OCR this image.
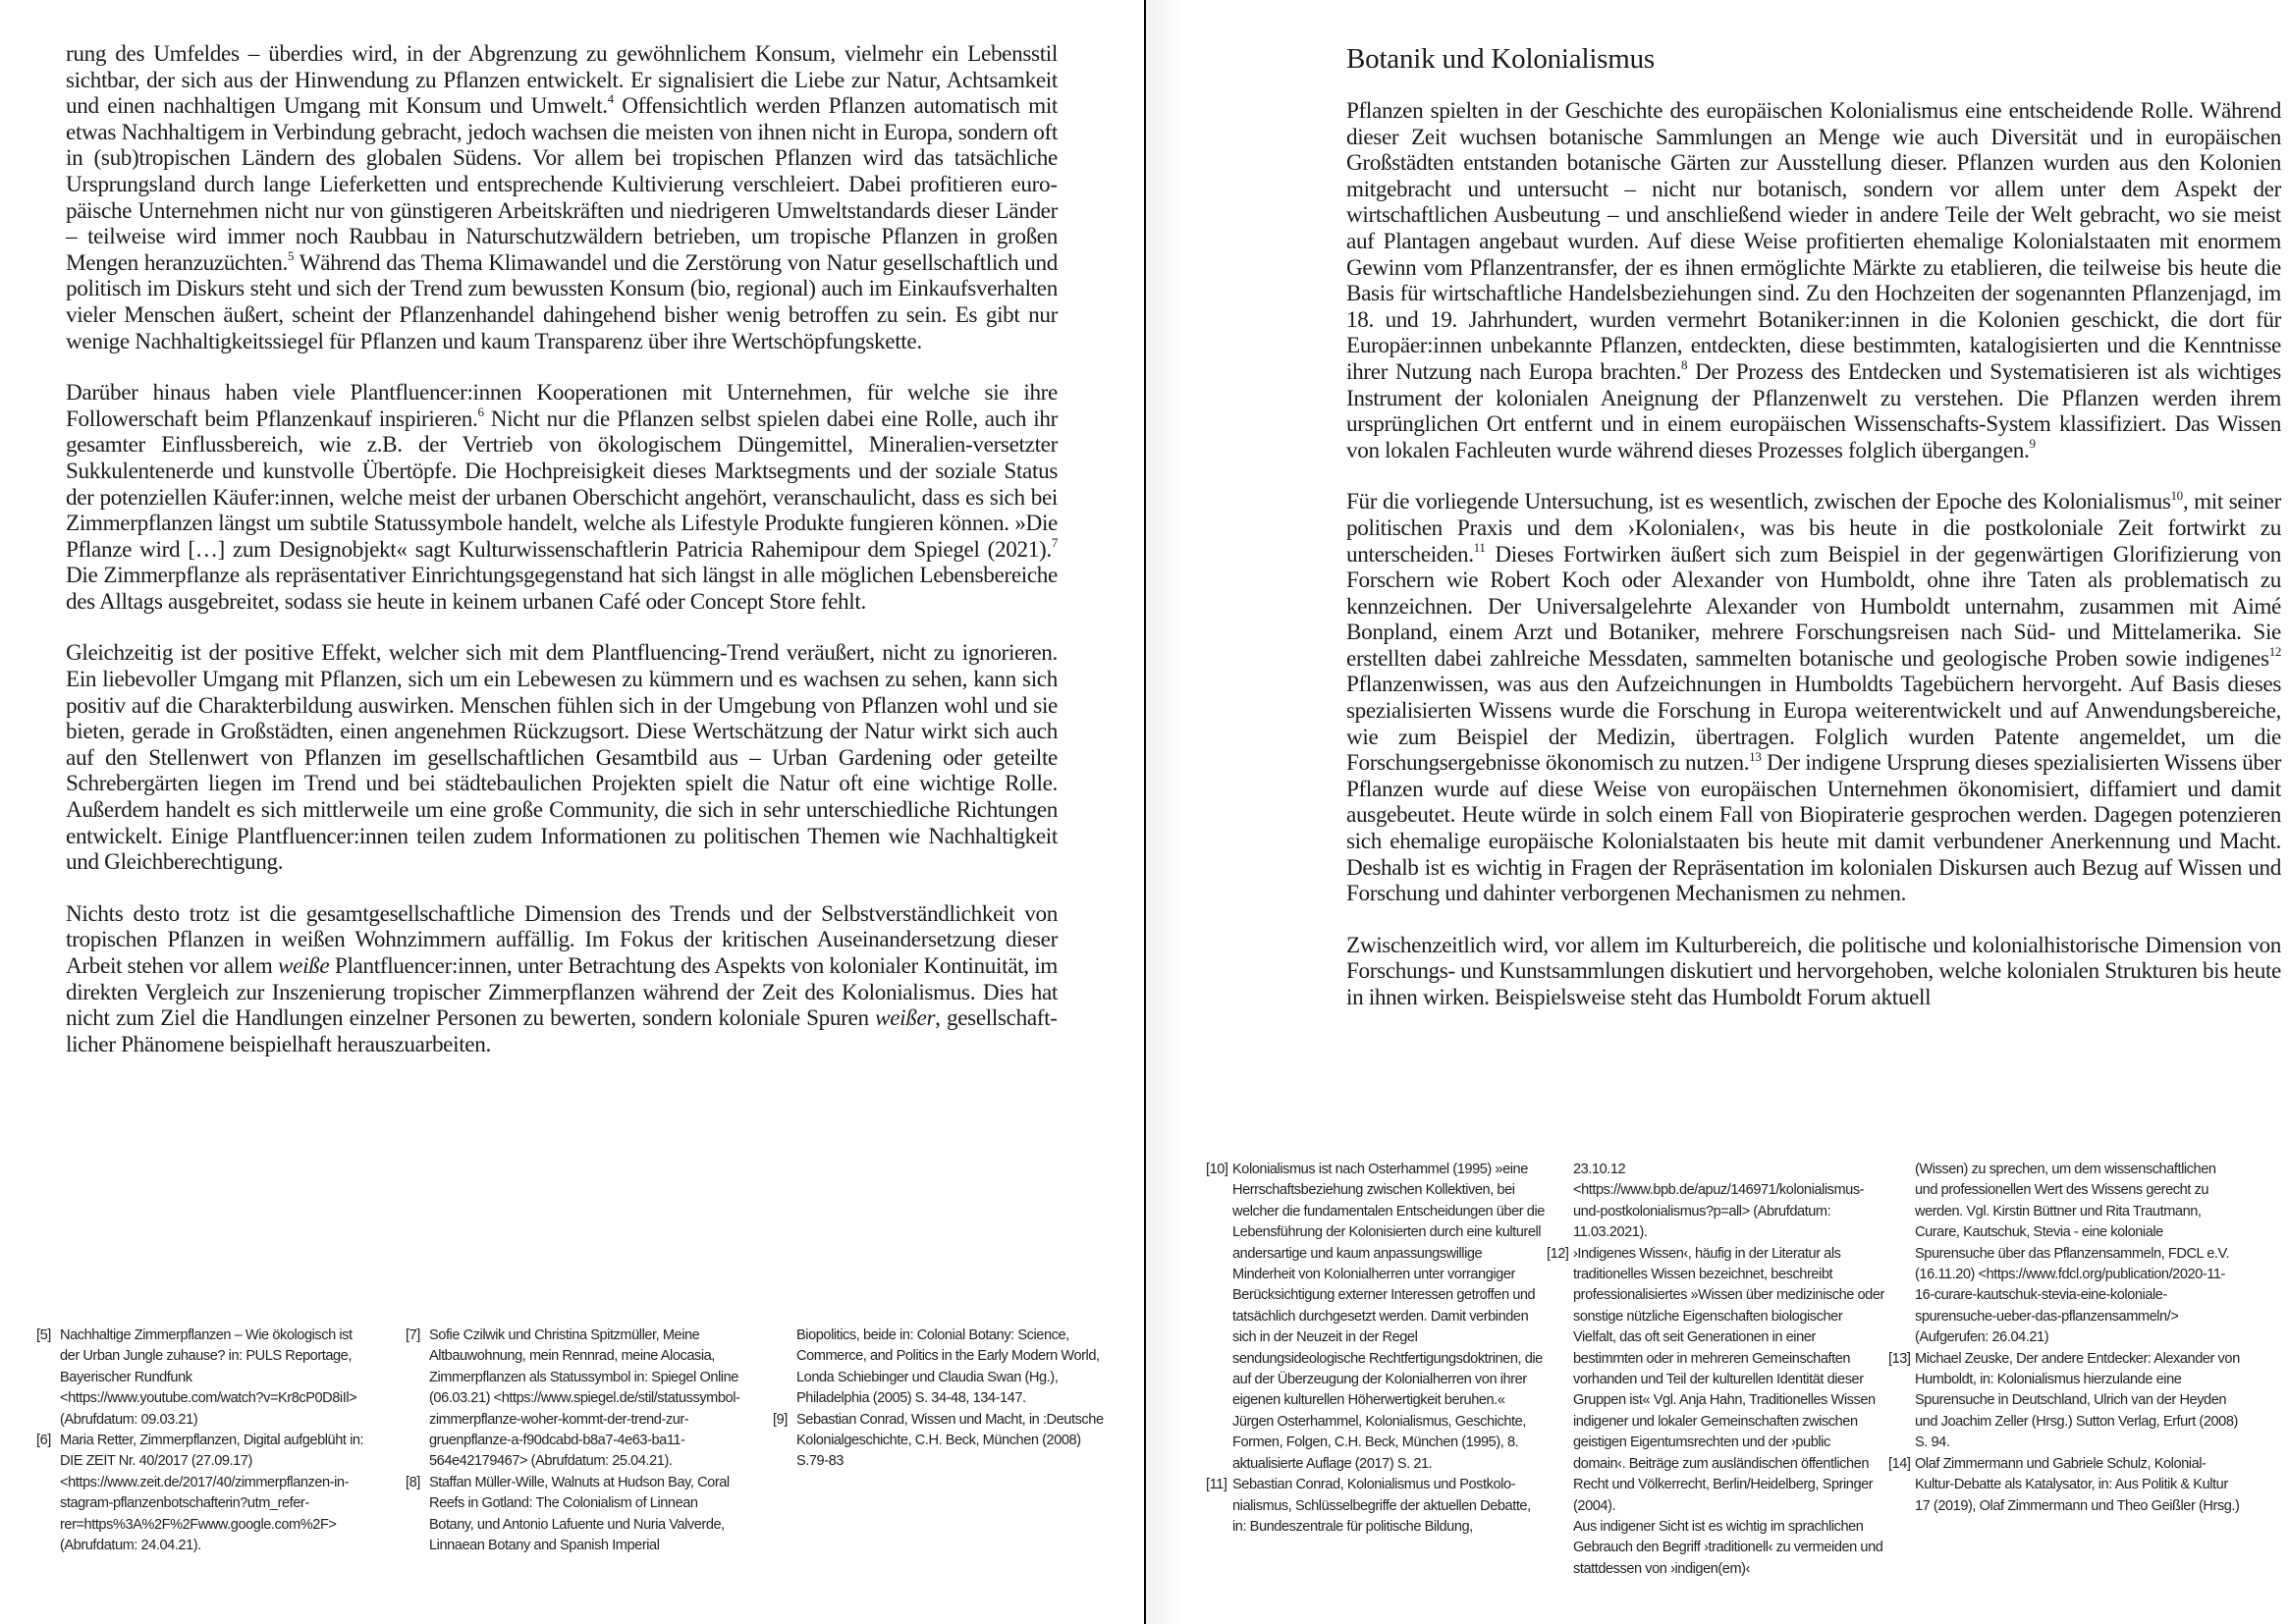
rung des Umfeldes – überdies wird, in der Abgrenzung zu gewöhnlichem Konsum, vielmehr ein Lebensstil sichtbar, der sich aus der Hinwendung zu Pflanzen entwickelt. Er signalisiert die Liebe zur Natur, Achtsamkeit und einen nachhaltigen Umgang mit Konsum und Umwelt.$^4$ Offensichtlich werden Pflanzen automatisch mit etwas Nachhaltigem in Verbindung gebracht, jedoch wachsen die meisten von ihnen nicht in Europa, sondern oft in (sub)tropischen Ländern des globalen Südens. Vor allem bei tropischen Pflanzen wird das tatsächliche Ursprungsland durch lange Lieferketten und entsprechende Kultivierung verschleiert. Dabei profitieren europäische Unternehmen nicht nur von günstigeren Arbeitskräften und niedrigeren Umweltstandards dieser Länder – teilweise wird immer noch Raubbau in Naturschutzwäldern betrieben, um tropische Pflanzen in großen Mengen heranzuzüchten.$^5$ Während das Thema Klimawandel und die Zerstörung von Natur gesellschaftlich und politisch im Diskurs steht und sich der Trend zum bewussten Konsum (bio, regional) auch im Einkaufsverhalten vieler Menschen äußert, scheint der Pflanzenhandel dahingehend bisher wenig betroffen zu sein. Es gibt nur wenige Nachhaltigkeitssiegel für Pflanzen und kaum Transparenz über ihre Wertschöpfungskette.

Darüber hinaus haben viele Plantfluencer:innen Kooperationen mit Unternehmen, für welche sie ihre Followerschaft beim Pflanzenkauf inspirieren.$^6$ Nicht nur die Pflanzen selbst spielen dabei eine Rolle, auch ihr gesamter Einflussbereich, wie z.B. der Vertrieb von ökologischem Düngemittel, Mineralien-versetzter Sukkulentenerde und kunstvolle Übertöpfe. Die Hochpreisigkeit dieses Marktsegments und der soziale Status der potenziellen Käufer:innen, welche meist der urbanen Oberschicht angehört, veranschaulicht, dass es sich bei Zimmerpflanzen längst um subtile Statussymbole handelt, welche als Lifestyle Produkte fungieren können. »Die Pflanze wird […] zum Designobjekt« sagt Kulturwissenschaftlerin Patricia Rahemipour dem Spiegel (2021).$^7$ Die Zimmerpflanze als repräsentativer Einrichtungsgegenstand hat sich längst in alle möglichen Lebensbereiche des Alltags ausgebreitet, sodass sie heute in keinem urbanen Café oder Concept Store fehlt.

Gleichzeitig ist der positive Effekt, welcher sich mit dem Plantfluencing-Trend veräußert, nicht zu ignorieren. Ein liebevoller Umgang mit Pflanzen, sich um ein Lebewesen zu kümmern und es wachsen zu sehen, kann sich positiv auf die Charakterbildung auswirken. Menschen fühlen sich in der Umgebung von Pflanzen wohl und sie bieten, gerade in Großstädten, einen angenehmen Rückzugsort. Diese Wertschätzung der Natur wirkt sich auch auf den Stellenwert von Pflanzen im gesellschaftlichen Gesamtbild aus – Urban Gardening oder geteilte Schrebergärten liegen im Trend und bei städtebaulichen Projekten spielt die Natur oft eine wichtige Rolle. Außerdem handelt es sich mittlerweile um eine große Community, die sich in sehr unterschiedliche Richtungen entwickelt. Einige Plantfluencer:innen teilen zudem Informationen zu politischen Themen wie Nachhaltigkeit und Gleichberechtigung.

Nichts desto trotz ist die gesamtgesellschaftliche Dimension des Trends und der Selbstverständlichkeit von tropischen Pflanzen in weißen Wohnzimmern auffällig. Im Fokus der kritischen Auseinandersetzung dieser Arbeit stehen vor allem weiße Plantfluencer:innen, unter Betrachtung des Aspekts von kolonialer Kontinuität, im direkten Vergleich zur Inszenierung tropischer Zimmerpflanzen während der Zeit des Kolonialismus. Dies hat nicht zum Ziel die Handlungen einzelner Personen zu bewerten, sondern koloniale Spuren weißer, gesellschaftlicher Phänomene beispielhaft herauszuarbeiten.

[5] Nachhaltige Zimmerpflanzen – Wie ökologisch ist der Urban Jungle zuhause? in: PULS Reportage, Bayerischer Rundfunk <https://www.youtube.com/watch?v=Kr8cP0D8iIl> (Abrufdatum: 09.03.21)
[6] Maria Retter, Zimmerpflanzen, Digital aufgeblüht in: DIE ZEIT Nr. 40/2017 (27.09.17) <https://www.zeit.de/2017/40/zimmerpflanzen-instagram-pflanzenbotschafterin?utm_referrer=https%3A%2F%2Fwww.google.com%2F> (Abrufdatum: 24.04.21).
[7] Sofie Czilwik und Christina Spitzmüller, Meine Altbauwohnung, mein Rennrad, meine Alocasia, Zimmerpflanzen als Statussymbol in: Spiegel Online (06.03.21) <https://www.spiegel.de/stil/statussymbol-zimmerpflanze-woher-kommt-der-trend-zur-gruenpflanze-a-f90dcabd-b8a7-4e63-ba11-564e42179467> (Abrufdatum: 25.04.21).
[8] Staffan Müller-Wille, Walnuts at Hudson Bay, Coral Reefs in Gotland: The Colonialism of Linnean Botany, und Antonio Lafuente und Nuria Valverde, Linnaean Botany and Spanish Imperial
Biopolitics, beide in: Colonial Botany: Science, Commerce, and Politics in the Early Modern World, Londa Schiebinger und Claudia Swan (Hg.), Philadelphia (2005) S. 34-48, 134-147.
[9] Sebastian Conrad, Wissen und Macht, in :Deutsche Kolonialgeschichte, C.H. Beck, München (2008) S.79-83
Botanik und Kolonialismus

Pflanzen spielten in der Geschichte des europäischen Kolonialismus eine entscheidende Rolle. Während dieser Zeit wuchsen botanische Sammlungen an Menge wie auch Diversität und in europäischen Großstädten entstanden botanische Gärten zur Ausstellung dieser. Pflanzen wurden aus den Kolonien mitgebracht und untersucht – nicht nur botanisch, sondern vor allem unter dem Aspekt der wirtschaftlichen Ausbeutung – und anschließend wieder in andere Teile der Welt gebracht, wo sie meist auf Plantagen angebaut wurden. Auf diese Weise profitierten ehemalige Kolonialstaaten mit enormem Gewinn vom Pflanzentransfer, der es ihnen ermöglichte Märkte zu etablieren, die teilweise bis heute die Basis für wirtschaftliche Handelsbeziehungen sind. Zu den Hochzeiten der sogenannten Pflanzenjagd, im 18. und 19. Jahrhundert, wurden vermehrt Botaniker:innen in die Kolonien geschickt, die dort für Europäer:innen unbekannte Pflanzen, entdeckten, diese bestimmten, katalogisierten und die Kenntnisse ihrer Nutzung nach Europa brachten.$^8$ Der Prozess des Entdecken und Systematisieren ist als wichtiges Instrument der kolonialen Aneignung der Pflanzenwelt zu verstehen. Die Pflanzen werden ihrem ursprünglichen Ort entfernt und in einem europäischen Wissenschafts-System klassifiziert. Das Wissen von lokalen Fachleuten wurde während dieses Prozesses folglich übergangen.$^9$

Für die vorliegende Untersuchung, ist es wesentlich, zwischen der Epoche des Kolonialismus$^{10}$, mit seiner politischen Praxis und dem ›Kolonialen‹, was bis heute in die postkoloniale Zeit fortwirkt zu unterscheiden.$^{11}$ Dieses Fortwirken äußert sich zum Beispiel in der gegenwärtigen Glorifizierung von Forschern wie Robert Koch oder Alexander von Humboldt, ohne ihre Taten als problematisch zu kennzeichnen. Der Universalgelehrte Alexander von Humboldt unternahm, zusammen mit Aimé Bonpland, einem Arzt und Botaniker, mehrere Forschungsreisen nach Süd- und Mittelamerika. Sie erstellten dabei zahlreiche Messdaten, sammelten botanische und geologische Proben sowie indigenes$^{12}$ Pflanzenwissen, was aus den Aufzeichnungen in Humboldts Tagebüchern hervorgeht. Auf Basis dieses spezialisierten Wissens wurde die Forschung in Europa weiterentwickelt und auf Anwendungsbereiche, wie zum Beispiel der Medizin, übertragen. Folglich wurden Patente angemeldet, um die Forschungsergebnisse ökonomisch zu nutzen.$^{13}$ Der indigene Ursprung dieses spezialisierten Wissens über Pflanzen wurde auf diese Weise von europäischen Unternehmen ökonomisiert, diffamiert und damit ausgebeutet. Heute würde in solch einem Fall von Biopiraterie gesprochen werden. Dagegen potenzieren sich ehemalige europäische Kolonialstaaten bis heute mit damit verbundener Anerkennung und Macht. Deshalb ist es wichtig in Fragen der Repräsentation im kolonialen Diskursen auch Bezug auf Wissen und Forschung und dahinter verborgenen Mechanismen zu nehmen.

Zwischenzeitlich wird, vor allem im Kulturbereich, die politische und kolonialhistorische Dimension von Forschungs- und Kunstsammlungen diskutiert und hervorgehoben, welche kolonialen Strukturen bis heute in ihnen wirken. Beispielsweise steht das Humboldt Forum aktuell

[10] Kolonialismus ist nach Osterhammel (1995) »eine Herrschaftsbeziehung zwischen Kollektiven, bei welcher die fundamentalen Entscheidungen über die Lebensführung der Kolonisierten durch eine kulturell andersartige und kaum anpassungswillige Minderheit von Kolonialherren unter vorrangiger Berücksichtigung externer Interessen getroffen und tatsächlich durchgesetzt werden. Damit verbinden sich in der Neuzeit in der Regel sendungsideologische Rechtfertigungsdoktrinen, die auf der Überzeugung der Kolonialherren von ihrer eigenen kulturellen Höherwertigkeit beruhen.« Jürgen Osterhammel, Kolonialismus, Geschichte, Formen, Folgen, C.H. Beck, München (1995), 8. aktualisierte Auflage (2017) S. 21.
[11] Sebastian Conrad, Kolonialismus und Postkolonialismus, Schlüsselbegriffe der aktuellen Debatte, in: Bundeszentrale für politische Bildung,
23.10.12 <https://www.bpb.de/apuz/146971/kolonialismus-und-postkolonialismus?p=all> (Abrufdatum: 11.03.2021).
[12] ›Indigenes Wissen‹, häufig in der Literatur als traditionelles Wissen bezeichnet, beschreibt professionalisiertes »Wissen über medizinische oder sonstige nützliche Eigenschaften biologischer Vielfalt, das oft seit Generationen in einer bestimmten oder in mehreren Gemeinschaften vorhanden und Teil der kulturellen Identität dieser Gruppen ist« Vgl. Anja Hahn, Traditionelles Wissen indigener und lokaler Gemeinschaften zwischen geistigen Eigentumsrechten und der ›public domain‹. Beiträge zum ausländischen öffentlichen Recht und Völkerrecht, Berlin/Heidelberg, Springer (2004).
Aus indigener Sicht ist es wichtig im sprachlichen Gebrauch den Begriff ›traditionell‹ zu vermeiden und stattdessen von ›indigen(em)‹
(Wissen) zu sprechen, um dem wissenschaftlichen und professionellen Wert des Wissens gerecht zu werden. Vgl. Kirstin Büttner und Rita Trautmann, Curare, Kautschuk, Stevia - eine koloniale Spurensuche über das Pflanzensammeln, FDCL e.V. (16.11.20) <https://www.fdcl.org/publication/2020-11-16-curare-kautschuk-stevia-eine-koloniale-spurensuche-ueber-das-pflanzensammeln/> (Aufgerufen: 26.04.21)
[13] Michael Zeuske, Der andere Entdecker: Alexander von Humboldt, in: Kolonialismus hierzulande eine Spurensuche in Deutschland, Ulrich van der Heyden und Joachim Zeller (Hrsg.) Sutton Verlag, Erfurt (2008) S. 94.
[14] Olaf Zimmermann und Gabriele Schulz, Kolonial-Kultur-Debatte als Katalysator, in: Aus Politik & Kultur 17 (2019), Olaf Zimmermann und Theo Geißler (Hrsg.)
